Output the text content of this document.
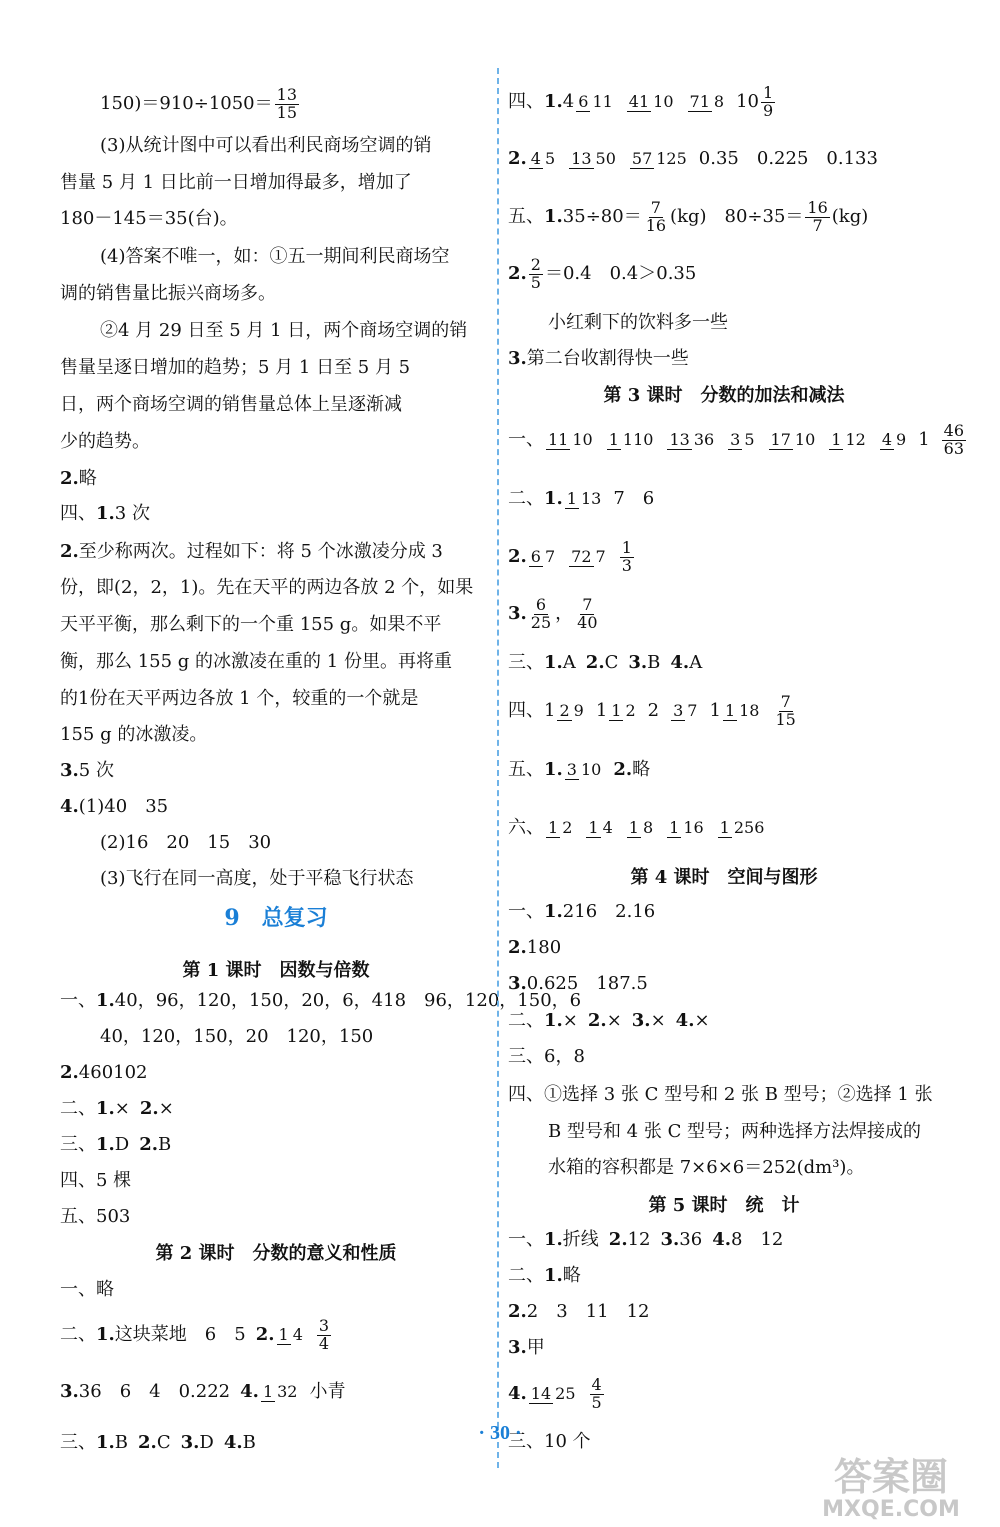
$150)=910\div 1050= \frac{13}{15}$
(3)从统计图中可以看出利民商场空调的销
售量 5 月 1 日比前一日增加得最多，增加了
180－145＝35(台)。
(4)答案不唯一，如：①五一期间利民商场空
调的销售量比振兴商场多。
②4 月 29 日至 5 月 1 日，两个商场空调的销
售量呈逐日增加的趋势；5 月 1 日至 5 月 5
日，两个商场空调的销售量总体上呈逐渐减
少的趋势。
2.略
四、1.3 次
2.至少称两次。过程如下：将 5 个冰激凌分成 3
份，即(2，2，1)。先在天平的两边各放 2 个，如果
天平平衡，那么剩下的一个重 155 g。如果不平
衡，那么 155 g 的冰激凌在重的 1 份里。再将重
的1份在天平两边各放 1 个，较重的一个就是
155 g 的冰激凌。
3.5 次
4.(1)40　35
(2)16　20　15　30
(3)飞行在同一高度，处于平稳飞行状态
9　总复习
第 1 课时　因数与倍数
一、1.40，96，120，150，20，6，418　96，120，150，6
40，120，150，20　120，150
2.460102
二、1.× 2.×
三、1.D 2.B
四、5 棵
五、503
第 2 课时　分数的意义和性质
一、略
二、1.这块菜地　6　5 2. 1 $4 \frac{3}{4}$
3.36　6　4　0.222 4. 1 32 小青
三、1.B 2.C 3.D 4.B
四、1.4 6 11 41 10 71 8 $10 \frac{1}{9}$
2. 4 5 13 50 57 125 0.35　0.225　0.133
五、$1.35\div 80= \frac{7}{16} (kg)$　$80\div 35= \frac{16}{7} (kg)$
2. $\frac{2}{5} =0.4$　0.4＞0.35
小红剩下的饮料多一些
3.第二台收割得快一些
第 3 课时　分数的加法和减法
一、 11 10 1 110 13 36 3 5 17 10 1 12 4 9 $1 \frac{46}{63}$
二、1. 1 13 7　6
2. 6 7 72 $7 \frac{1}{3}$
3. $\frac{6}{25}$ ， $\frac{7}{40}$
三、1.A 2.C 3.B 4.A
四、1 2 9 1 1 2 2 3 7 1 1 $18 \frac{7}{15}$
五、1. 3 10 2.略
六、 1 2 1 4 1 8 1 16 1 256
第 4 课时　空间与图形
一、1.216　2.16
2.180
3.0.625　187.5
二、1.× 2.× 3.× 4.×
三、6，8
四、①选择 3 张 C 型号和 2 张 B 型号；②选择 1 张
B 型号和 4 张 C 型号；两种选择方法焊接成的
水箱的容积都是 7×6×6＝252(dm³)。
第 5 课时　统　计
一、1.折线 2.12 3.36 4.8　12
二、1.略
2.2　3　11　12
3.甲
4. 14 $25 \frac{4}{5}$
三、10 个
· 30 ·
答案圈
MXQE.COM
